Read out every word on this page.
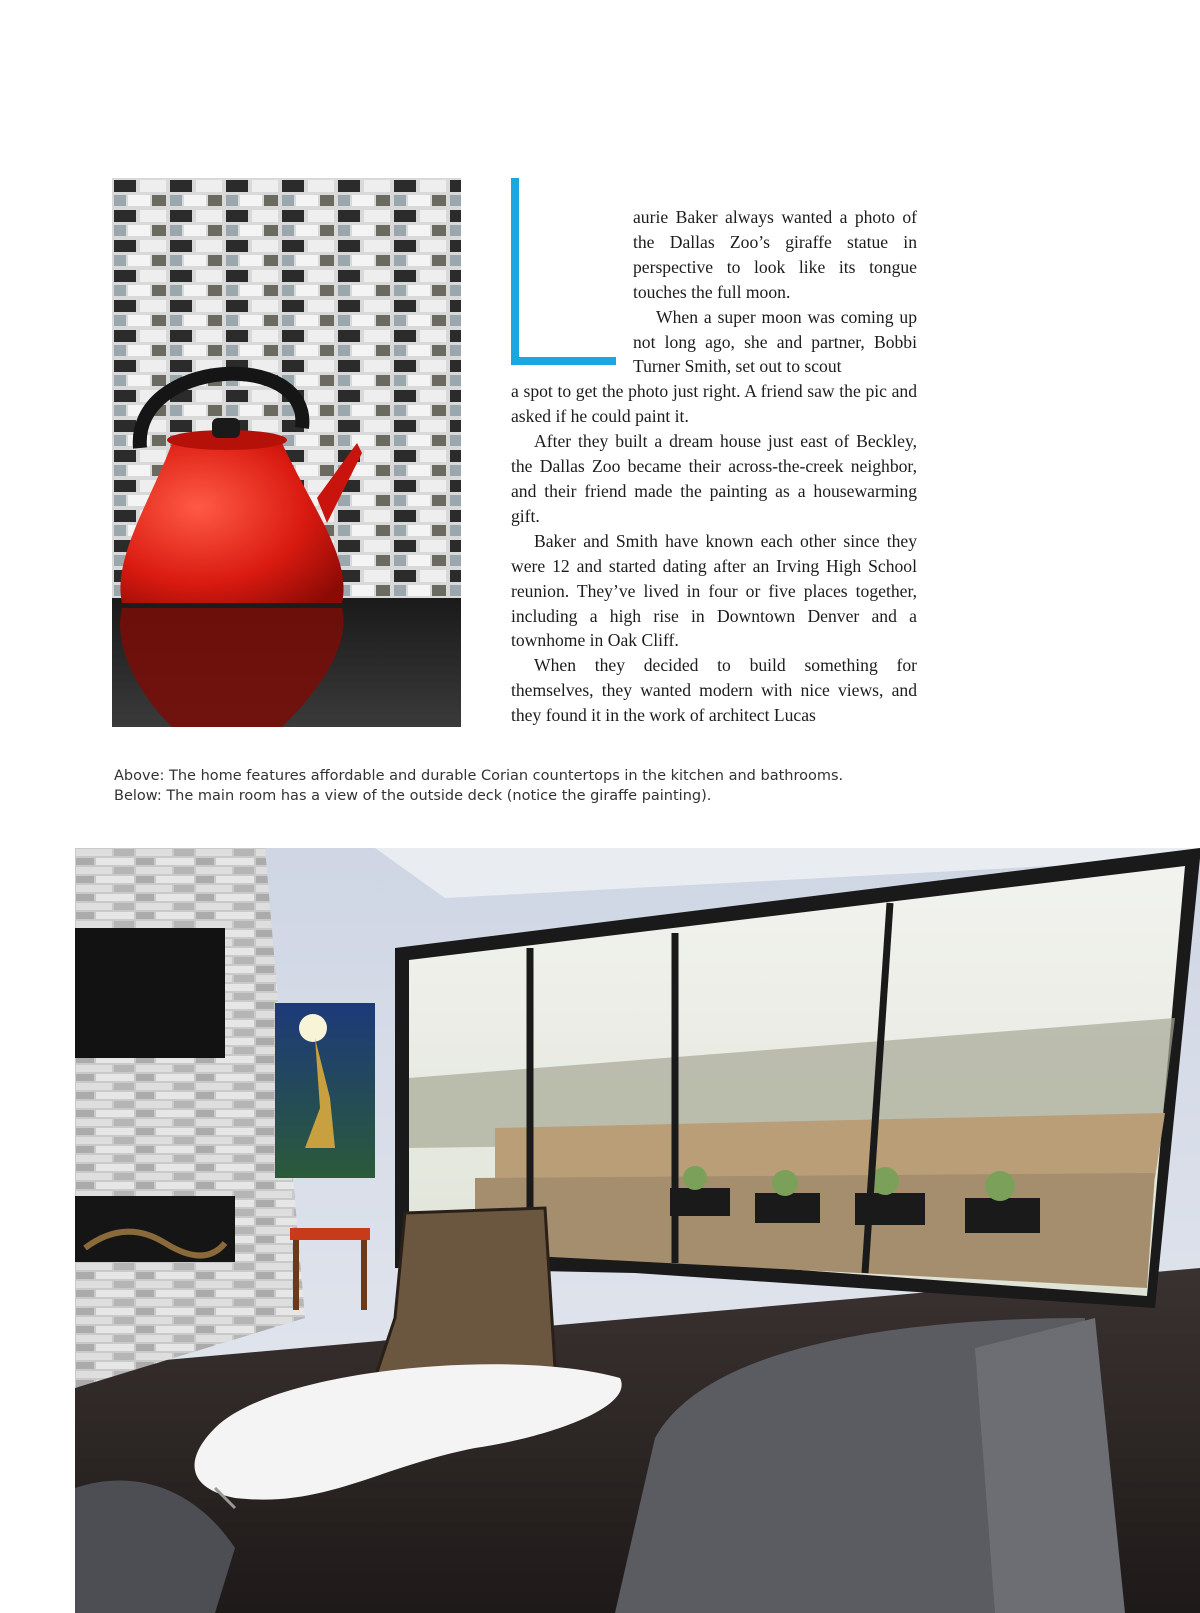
aurie Baker always wanted a photo of the Dallas Zoo’s giraffe statue in perspective to look like its tongue touches the full moon.

When a super moon was coming up not long ago, she and partner, Bobbi Turner Smith, set out to scout

a spot to get the photo just right. A friend saw the pic and asked if he could paint it.

After they built a dream house just east of Beckley, the Dallas Zoo became their across-the-creek neighbor, and their friend made the painting as a housewarming gift.

Baker and Smith have known each other since they were 12 and started dating after an Irving High School reunion. They’ve lived in four or five places together, including a high rise in Downtown Denver and a townhome in Oak Cliff.

When they decided to build something for themselves, they wanted modern with nice views, and they found it in the work of architect Lucas

Above: The home features affordable and durable Corian countertops in the kitchen and bathrooms.
Below: The main room has a view of the outside deck (notice the giraffe painting).
